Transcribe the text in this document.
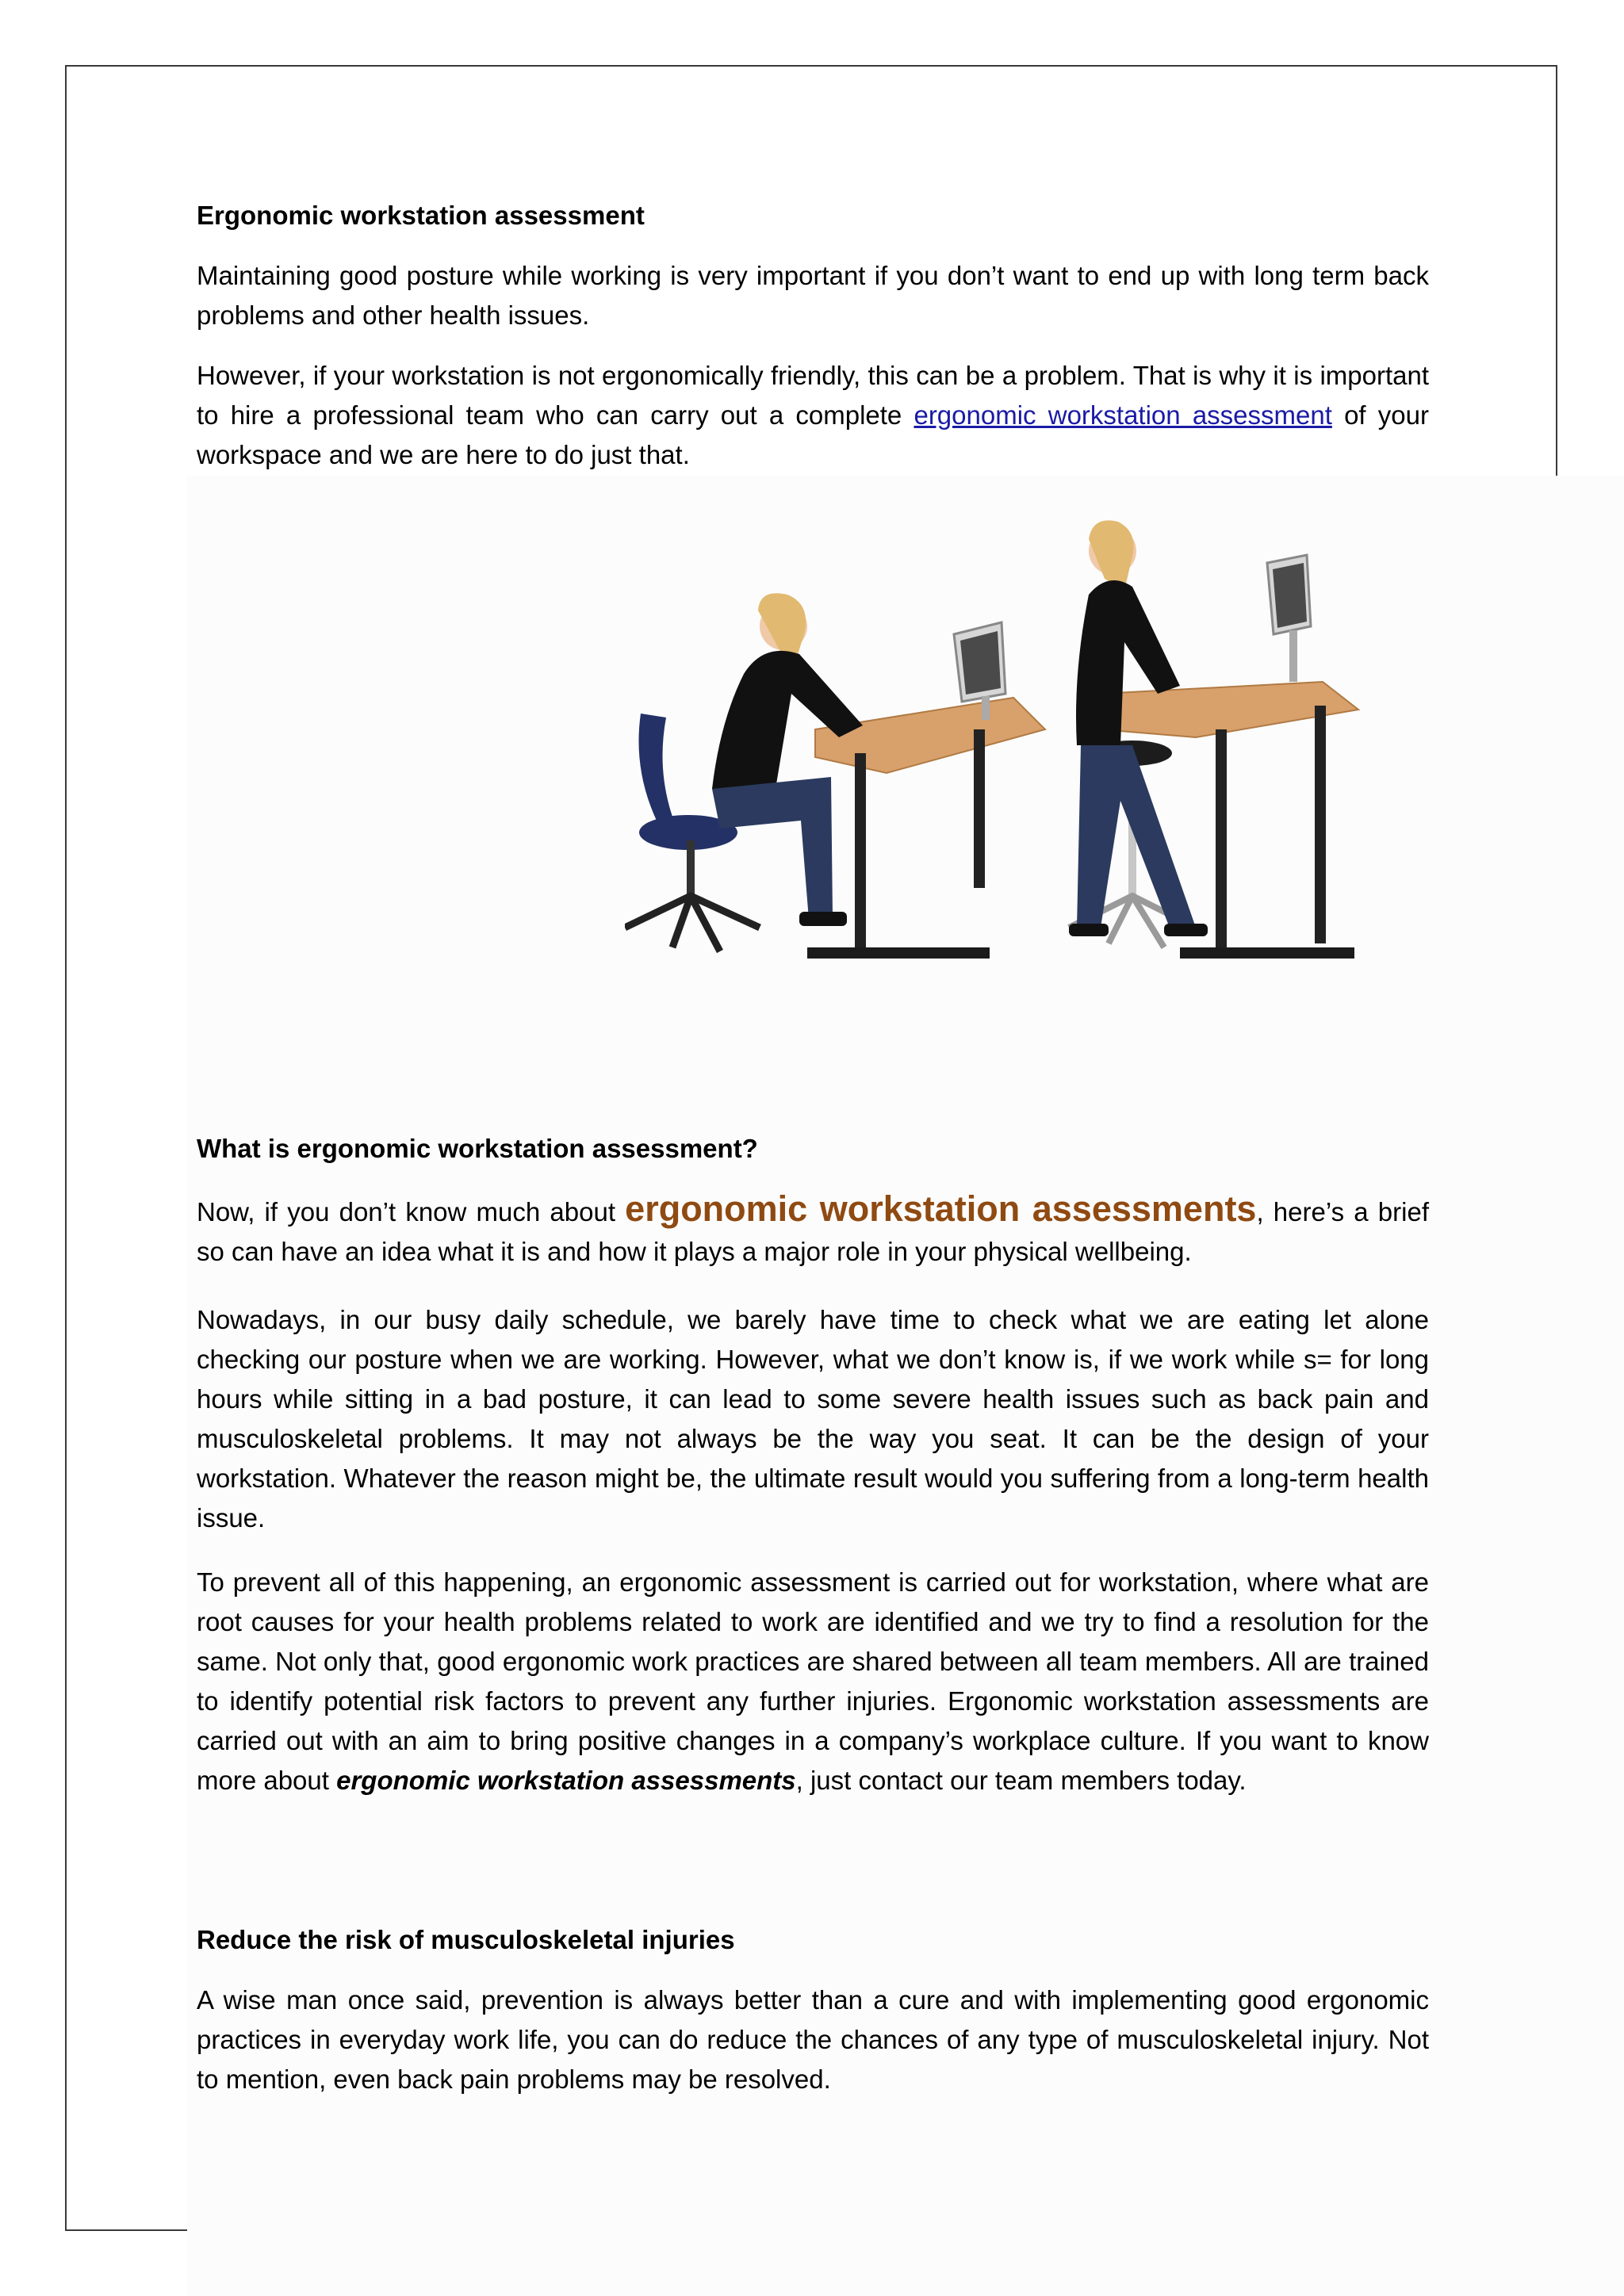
Ergonomic workstation assessment

Maintaining good posture while working is very important if you don’t want to end up with long term back problems and other health issues.

However, if your workstation is not ergonomically friendly, this can be a problem. That is why it is important to hire a professional team who can carry out a complete ergonomic workstation assessment of your workspace and we are here to do just that.

What is ergonomic workstation assessment?

Now, if you don’t know much about ergonomic workstation assessments, here’s a brief so can have an idea what it is and how it plays a major role in your physical wellbeing.

Nowadays, in our busy daily schedule, we barely have time to check what we are eating let alone checking our posture when we are working. However, what we don’t know is, if we work while s= for long hours while sitting in a bad posture, it can lead to some severe health issues such as back pain and musculoskeletal problems. It may not always be the way you seat. It can be the design of your workstation. Whatever the reason might be, the ultimate result would you suffering from a long-term health issue.

To prevent all of this happening, an ergonomic assessment is carried out for workstation, where what are root causes for your health problems related to work are identified and we try to find a resolution for the same. Not only that, good ergonomic work practices are shared between all team members. All are trained to identify potential risk factors to prevent any further injuries. Ergonomic workstation assessments are carried out with an aim to bring positive changes in a company’s workplace culture. If you want to know more about ergonomic workstation assessments, just contact our team members today.

Reduce the risk of musculoskeletal injuries

A wise man once said, prevention is always better than a cure and with implementing good ergonomic practices in everyday work life, you can do reduce the chances of any type of musculoskeletal injury. Not to mention, even back pain problems may be resolved.
